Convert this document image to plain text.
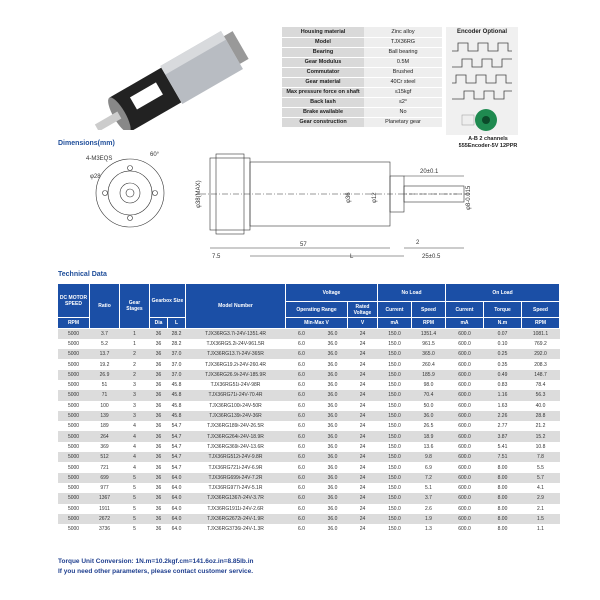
Housing material	Zinc alloy
Model	TJX36RG
Bearing	Ball bearing
Gear Modulus	0.5M
Commutator	Brushed
Gear material	40Cr steel
Max pressure force on shaft	≤15kgf
Back lash	≤2°
Brake available	No
Gear construction	Planetary gear
Encoder Optional
A-B 2 channels
555Encoder-5V 12PPR
Dimensions(mm)
4-M3EQS
φ28
60°
φ38(MAX)	φ36	φ12	φ8-0.015
20±0.1
2
25±0.5
57
7.5	L
Technical Data
DC MOTOR SPEED	Ratio	Gear Stages	Gearbox Size		Model Number	Voltage			No Load		On Load		
						Operating Range		Rated Voltage	Current	Speed	Current	Torque	Speed
RPM			Dia	L		Min-Max V		V	mA	RPM	mA	N.m	RPM
5000	3.7	1	36	28.2	TJX36RG3.7i-24V-1351.4R	6.0	36.0	24	150.0	1351.4	600.0	0.07	1081.1
5000	5.2	1	36	28.2	TJX36RG5.2i-24V-961.5R	6.0	36.0	24	150.0	961.5	600.0	0.10	769.2
5000	13.7	2	36	37.0	TJX36RG13.7i-24V-365R	6.0	36.0	24	150.0	365.0	600.0	0.25	292.0
5000	19.2	2	36	37.0	TJX36RG19.2i-24V-260.4R	6.0	36.0	24	150.0	260.4	600.0	0.35	208.3
5000	26.9	2	36	37.0	TJX36RG26.9i-24V-185.9R	6.0	36.0	24	150.0	185.9	600.0	0.49	148.7
5000	51	3	36	45.8	TJX36RG51i-24V-98R	6.0	36.0	24	150.0	98.0	600.0	0.83	78.4
5000	71	3	36	45.8	TJX36RG71i-24V-70.4R	6.0	36.0	24	150.0	70.4	600.0	1.16	56.3
5000	100	3	36	45.8	TJX36RG100i-24V-50R	6.0	36.0	24	150.0	50.0	600.0	1.63	40.0
5000	139	3	36	45.8	TJX36RG139i-24V-36R	6.0	36.0	24	150.0	36.0	600.0	2.26	28.8
5000	189	4	36	54.7	TJX36RG189i-24V-26.5R	6.0	36.0	24	150.0	26.5	600.0	2.77	21.2
5000	264	4	36	54.7	TJX36RG264i-24V-18.9R	6.0	36.0	24	150.0	18.9	600.0	3.87	15.2
5000	369	4	36	54.7	TJX36RG369i-24V-13.6R	6.0	36.0	24	150.0	13.6	600.0	5.41	10.8
5000	512	4	36	54.7	TJX36RG512i-24V-9.8R	6.0	36.0	24	150.0	9.8	600.0	7.51	7.8
5000	721	4	36	54.7	TJX36RG721i-24V-6.9R	6.0	36.0	24	150.0	6.9	600.0	8.00	5.5
5000	699	5	36	64.0	TJX36RG699i-24V-7.2R	6.0	36.0	24	150.0	7.2	600.0	8.00	5.7
5000	977	5	36	64.0	TJX36RG977i-24V-5.1R	6.0	36.0	24	150.0	5.1	600.0	8.00	4.1
5000	1367	5	36	64.0	TJX36RG1367i-24V-3.7R	6.0	36.0	24	150.0	3.7	600.0	8.00	2.9
5000	1911	5	36	64.0	TJX36RG1911i-24V-2.6R	6.0	36.0	24	150.0	2.6	600.0	8.00	2.1
5000	2672	5	36	64.0	TJX36RG2672i-24V-1.9R	6.0	36.0	24	150.0	1.9	600.0	8.00	1.5
5000	3736	5	36	64.0	TJX36RG3736i-24V-1.3R	6.0	36.0	24	150.0	1.3	600.0	8.00	1.1
Torque Unit Conversion: 1N.m=10.2kgf.cm=141.6oz.in=8.85lb.in
If you need other parameters, please contact customer service.
